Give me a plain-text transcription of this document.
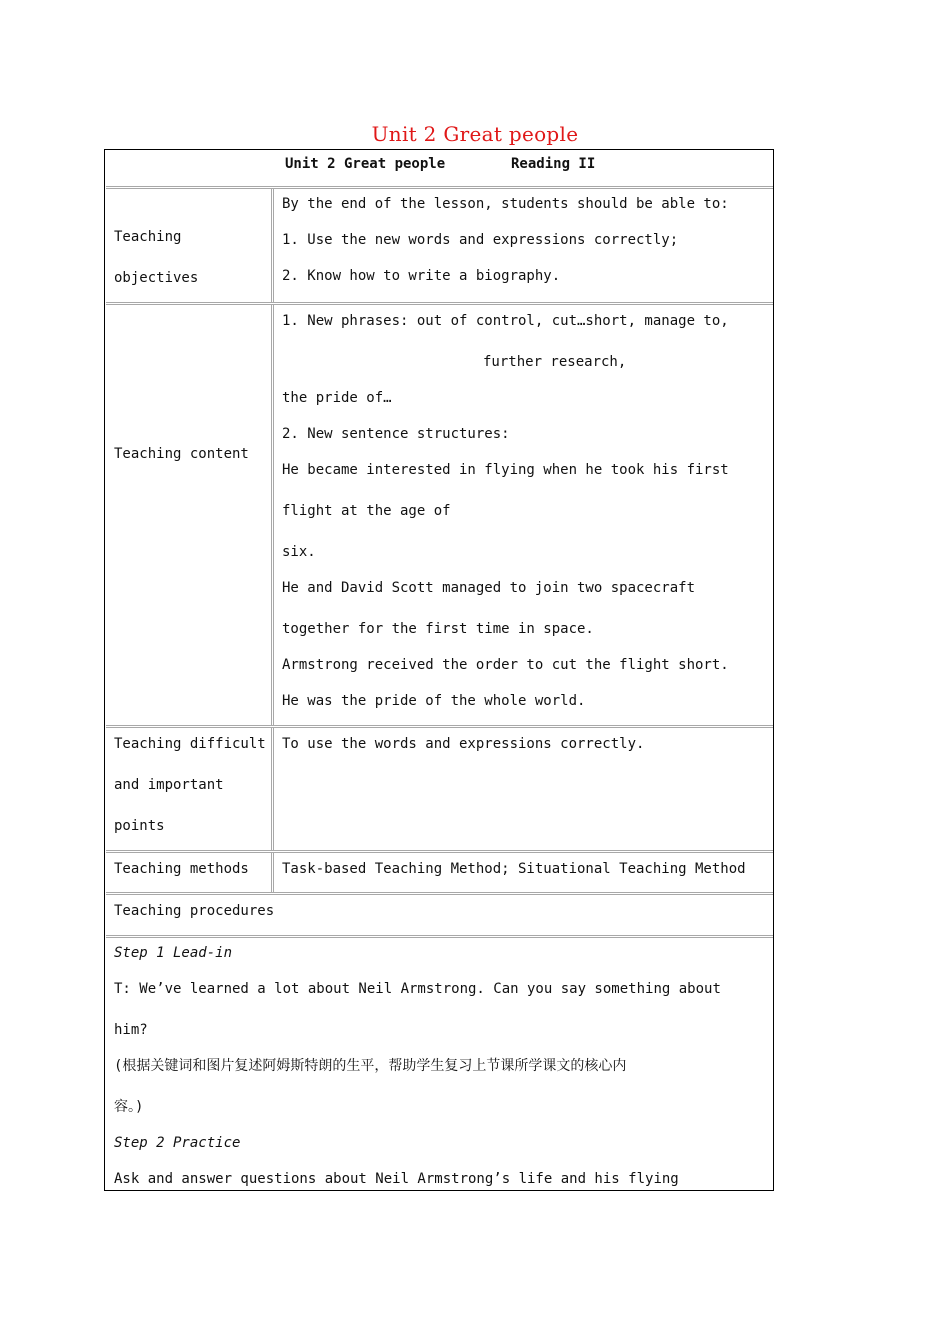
Unit 2 Great people
Unit 2 Great people	Reading II
Teaching
objectives
By the end of the lesson, students should be able to:
1. Use the new words and expressions correctly;
2. Know how to write a biography.
Teaching content
1. New phrases: out of control, cut…short, manage to,
further research,
the pride of…
2. New sentence structures:
He became interested in flying when he took his first
flight at the age of
six.
He and David Scott managed to join two spacecraft
together for the first time in space.
Armstrong received the order to cut the flight short.
He was the pride of the whole world.
Teaching difficult
and important
points
To use the words and expressions correctly.
Teaching methods Task-based Teaching Method; Situational Teaching Method
Teaching procedures
Step 1 Lead-in
T: We’ve learned a lot about Neil Armstrong. Can you say something about
him?
(根据关键词和图片复述阿姆斯特朗的生平，帮助学生复习上节课所学课文的核心内
容。)
Step 2 Practice
Ask and answer questions about Neil Armstrong’s life and his flying
